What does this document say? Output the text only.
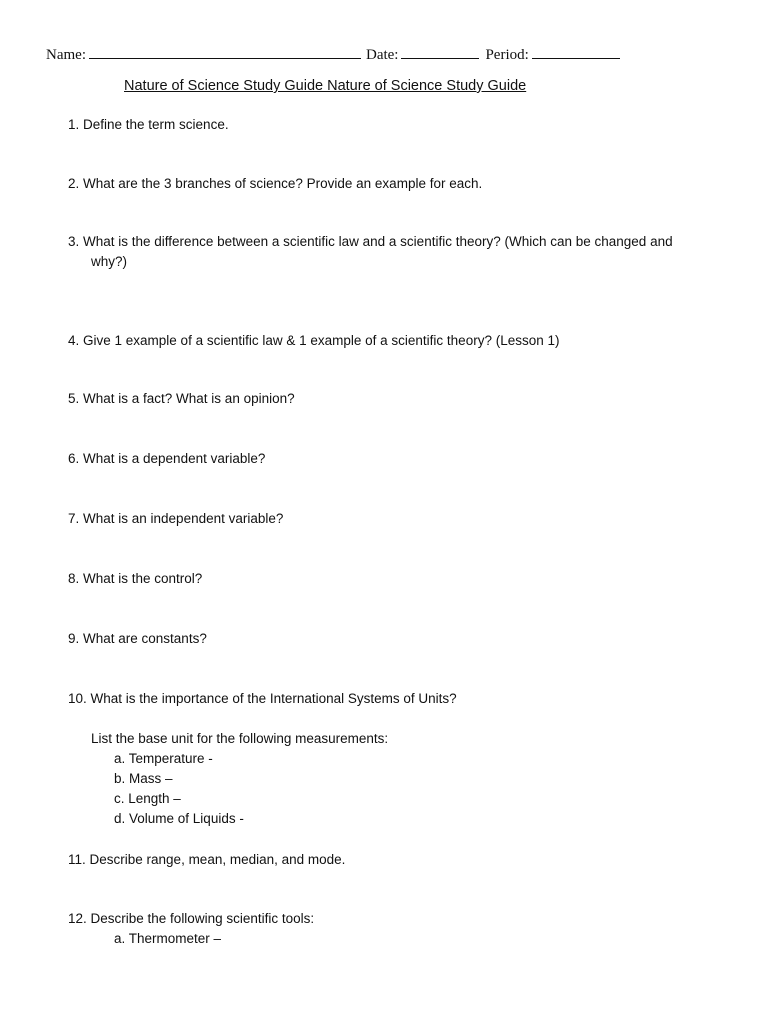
Name:	Date:	Period:
Nature of Science Study Guide Nature of Science Study Guide
1. Define the term science.
2. What are the 3 branches of science? Provide an example for each.
3. What is the difference between a scientific law and a scientific theory? (Which can be changed and
why?)
4. Give 1 example of a scientific law & 1 example of a scientific theory? (Lesson 1)
5. What is a fact? What is an opinion?
6. What is a dependent variable?
7. What is an independent variable?
8. What is the control?
9. What are constants?
10. What is the importance of the International Systems of Units?
List the base unit for the following measurements:
a. Temperature -
b. Mass –
c. Length –
d. Volume of Liquids -
11. Describe range, mean, median, and mode.
12. Describe the following scientific tools:
a. Thermometer –
